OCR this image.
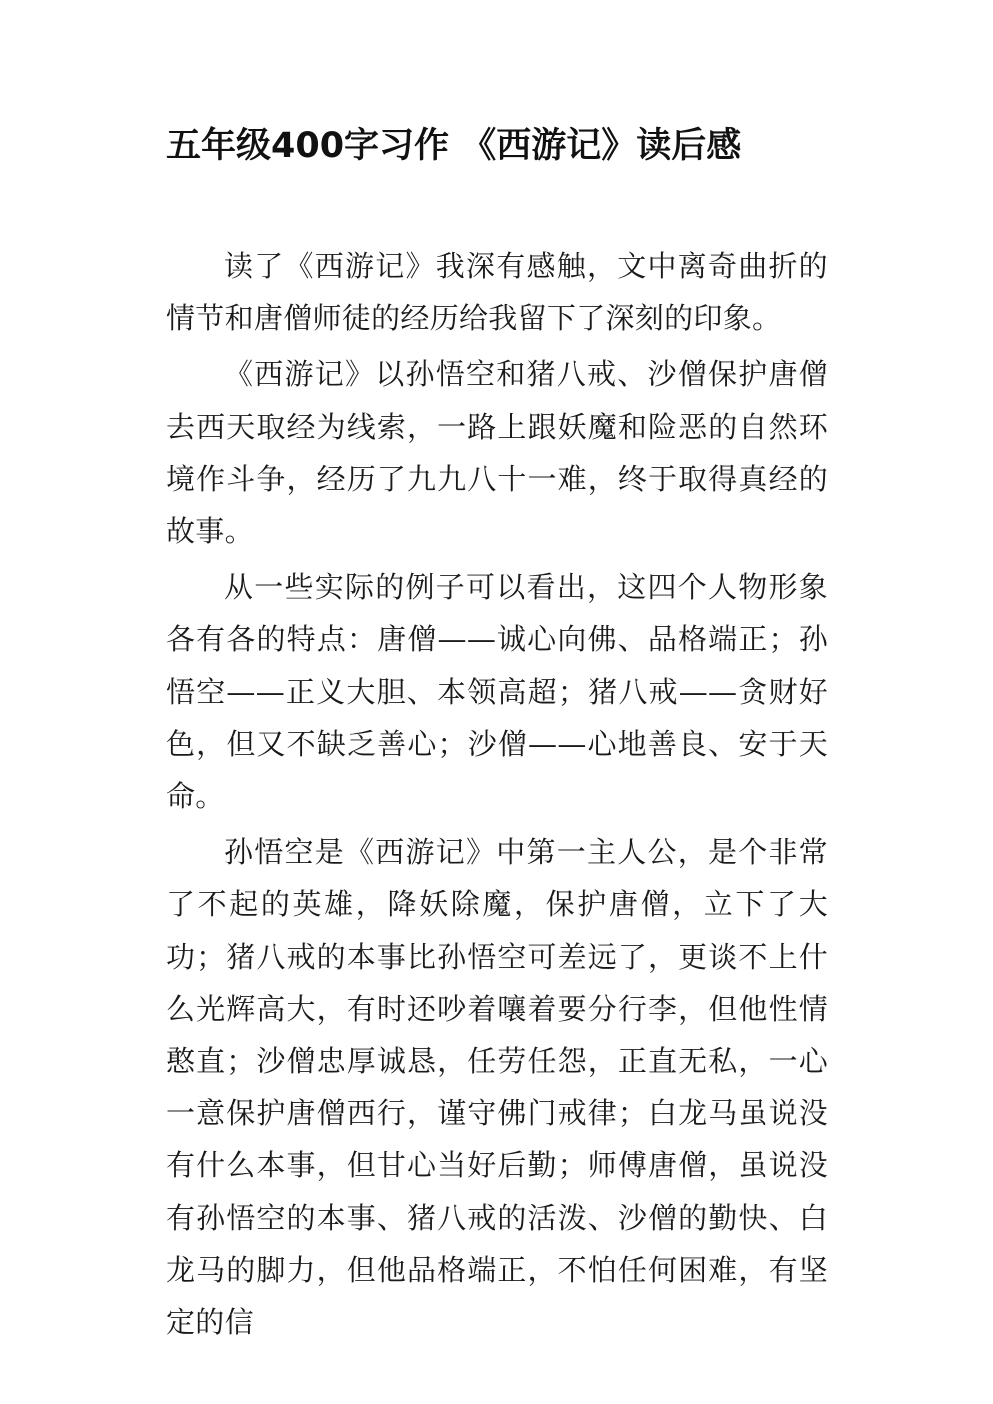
五年级400字习作 《西游记》读后感

读了《西游记》我深有感触，文中离奇曲折的情节和唐僧师徒的经历给我留下了深刻的印象。

《西游记》以孙悟空和猪八戒、沙僧保护唐僧去西天取经为线索，一路上跟妖魔和险恶的自然环境作斗争，经历了九九八十一难，终于取得真经的故事。

从一些实际的例子可以看出，这四个人物形象各有各的特点：唐僧——诚心向佛、品格端正；孙悟空——正义大胆、本领高超；猪八戒——贪财好色，但又不缺乏善心；沙僧——心地善良、安于天命。

孙悟空是《西游记》中第一主人公，是个非常了不起的英雄，降妖除魔，保护唐僧，立下了大功；猪八戒的本事比孙悟空可差远了，更谈不上什么光辉高大，有时还吵着嚷着要分行李，但他性情憨直；沙僧忠厚诚恳，任劳任怨，正直无私，一心一意保护唐僧西行，谨守佛门戒律；白龙马虽说没有什么本事，但甘心当好后勤；师傅唐僧，虽说没有孙悟空的本事、猪八戒的活泼、沙僧的勤快、白龙马的脚力，但他品格端正，不怕任何困难，有坚定的信
